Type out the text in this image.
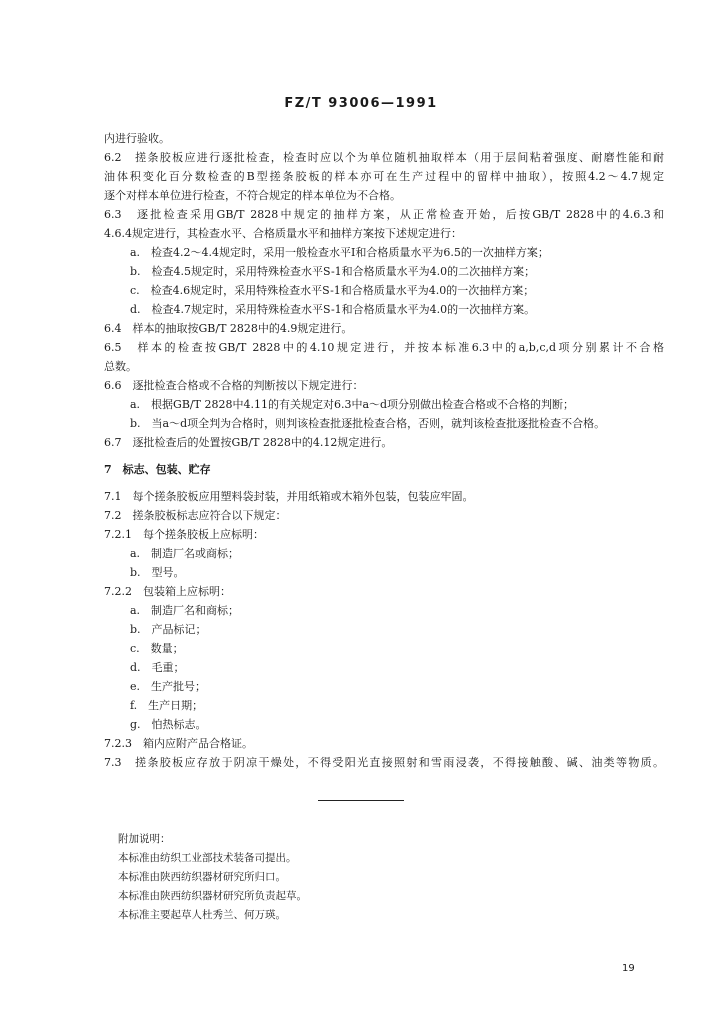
FZ/T 93006—1991
内进行验收。
6.2　搓条胶板应进行逐批检查，检查时应以个为单位随机抽取样本（用于层间粘着强度、耐磨性能和耐
油体积变化百分数检查的B型搓条胶板的样本亦可在生产过程中的留样中抽取），按照4.2～4.7规定
逐个对样本单位进行检查，不符合规定的样本单位为不合格。
6.3　逐批检查采用GB/T 2828中规定的抽样方案，从正常检查开始，后按GB/T 2828中的4.6.3和
4.6.4规定进行，其检查水平、合格质量水平和抽样方案按下述规定进行：
a.　检查4.2～4.4规定时，采用一般检查水平Ⅰ和合格质量水平为6.5的一次抽样方案；
b.　检查4.5规定时，采用特殊检查水平S-1和合格质量水平为4.0的二次抽样方案；
c.　检查4.6规定时，采用特殊检查水平S-1和合格质量水平为4.0的一次抽样方案；
d.　检查4.7规定时，采用特殊检查水平S-1和合格质量水平为4.0的一次抽样方案。
6.4　样本的抽取按GB/T 2828中的4.9规定进行。
6.5　样本的检查按GB/T 2828中的4.10规定进行，并按本标准6.3中的a,b,c,d项分别累计不合格
总数。
6.6　逐批检查合格或不合格的判断按以下规定进行：
a.　根据GB/T 2828中4.11的有关规定对6.3中a～d项分别做出检查合格或不合格的判断；
b.　当a～d项全判为合格时，则判该检查批逐批检查合格，否则，就判该检查批逐批检查不合格。
6.7　逐批检查后的处置按GB/T 2828中的4.12规定进行。
7　标志、包装、贮存
7.1　每个搓条胶板应用塑料袋封装，并用纸箱或木箱外包装，包装应牢固。
7.2　搓条胶板标志应符合以下规定：
7.2.1　每个搓条胶板上应标明：
a.　制造厂名或商标；
b.　型号。
7.2.2　包装箱上应标明：
a.　制造厂名和商标；
b.　产品标记；
c.　数量；
d.　毛重；
e.　生产批号；
f.　生产日期；
g.　怕热标志。
7.2.3　箱内应附产品合格证。
7.3　搓条胶板应存放于阴凉干燥处，不得受阳光直接照射和雪雨浸袭，不得接触酸、碱、油类等物质。
附加说明：
本标准由纺织工业部技术装备司提出。
本标准由陕西纺织器材研究所归口。
本标准由陕西纺织器材研究所负责起草。
本标准主要起草人杜秀兰、何万瑛。
19
